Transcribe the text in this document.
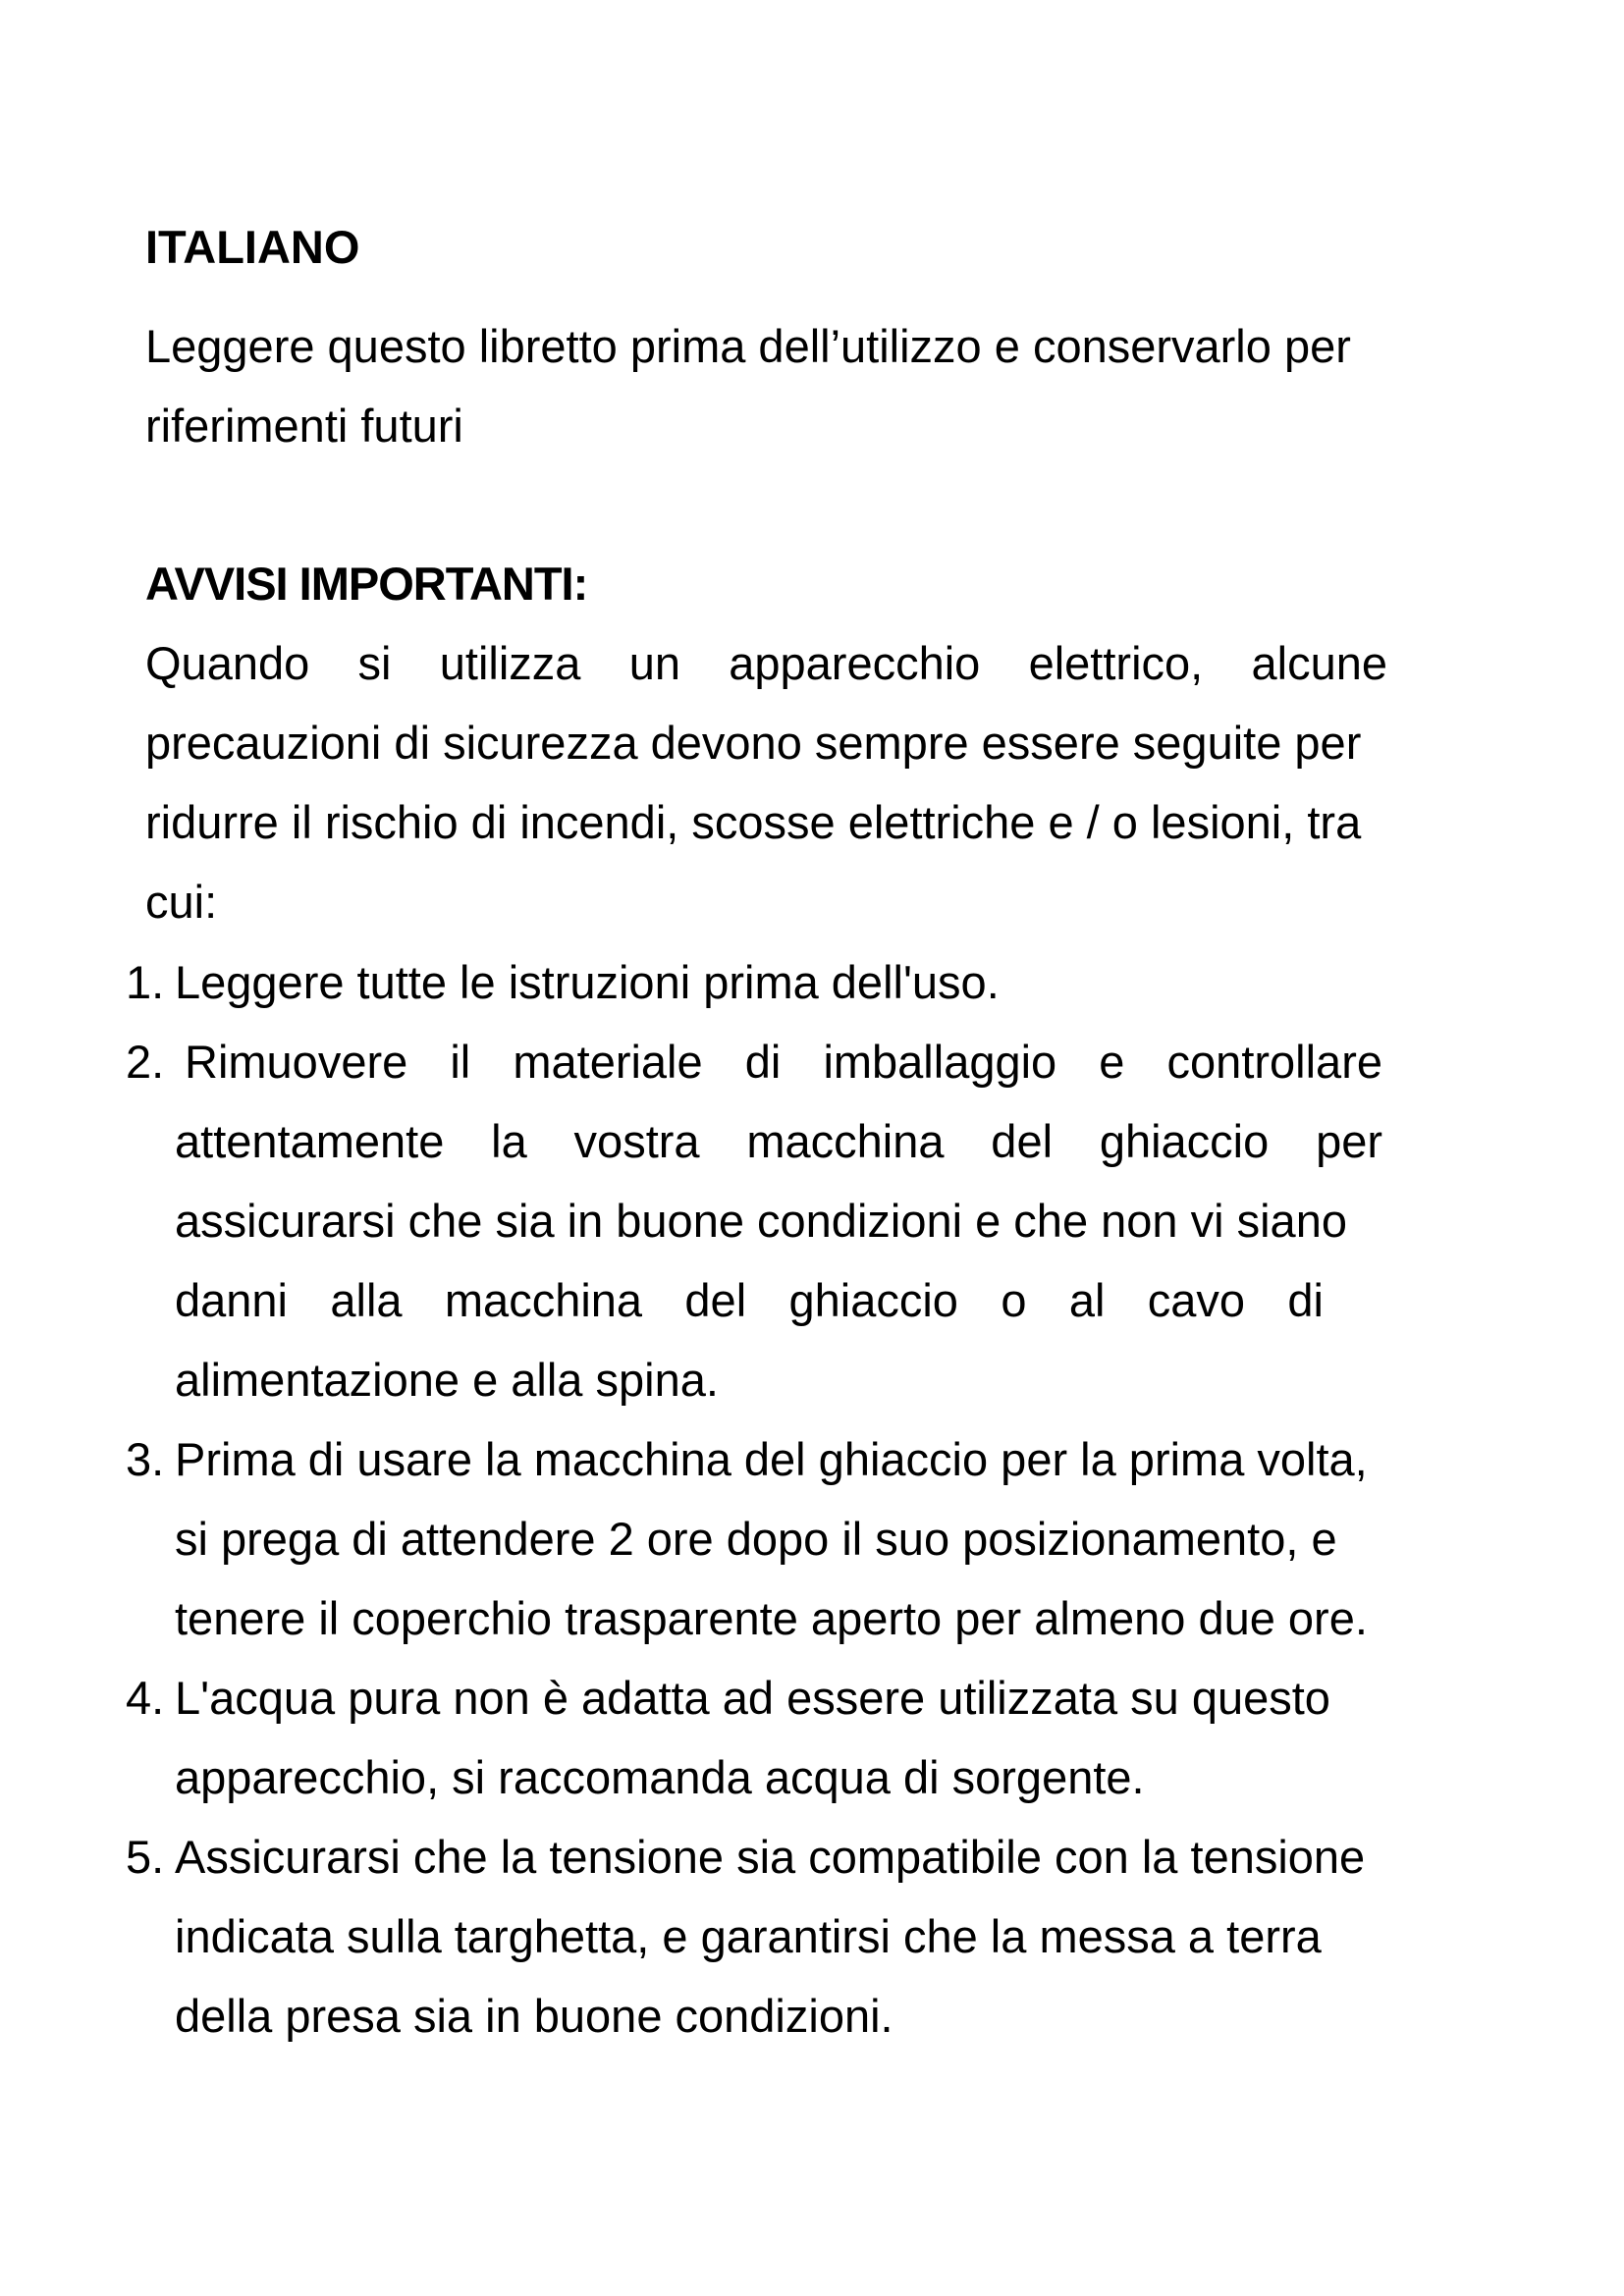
ITALIANO

Leggere questo libretto prima dell’utilizzo e conservarlo per
riferimenti futuri

AVVISI IMPORTANTI:

Quando si utilizza un apparecchio elettrico, alcune
precauzioni di sicurezza devono sempre essere seguite per
ridurre il rischio di incendi, scosse elettriche e / o lesioni, tra
cui:

1. Leggere tutte le istruzioni prima dell'uso.
2. Rimuovere il materiale di imballaggio e controllare
attentamente la vostra macchina del ghiaccio per
assicurarsi che sia in buone condizioni e che non vi siano
danni alla macchina del ghiaccio o al cavo di
alimentazione e alla spina.
3. Prima di usare la macchina del ghiaccio per la prima volta,
si prega di attendere 2 ore dopo il suo posizionamento, e
tenere il coperchio trasparente aperto per almeno due ore.
4. L'acqua pura non è adatta ad essere utilizzata su questo
apparecchio, si raccomanda acqua di sorgente.
5. Assicurarsi che la tensione sia compatibile con la tensione
indicata sulla targhetta, e garantirsi che la messa a terra
della presa sia in buone condizioni.
